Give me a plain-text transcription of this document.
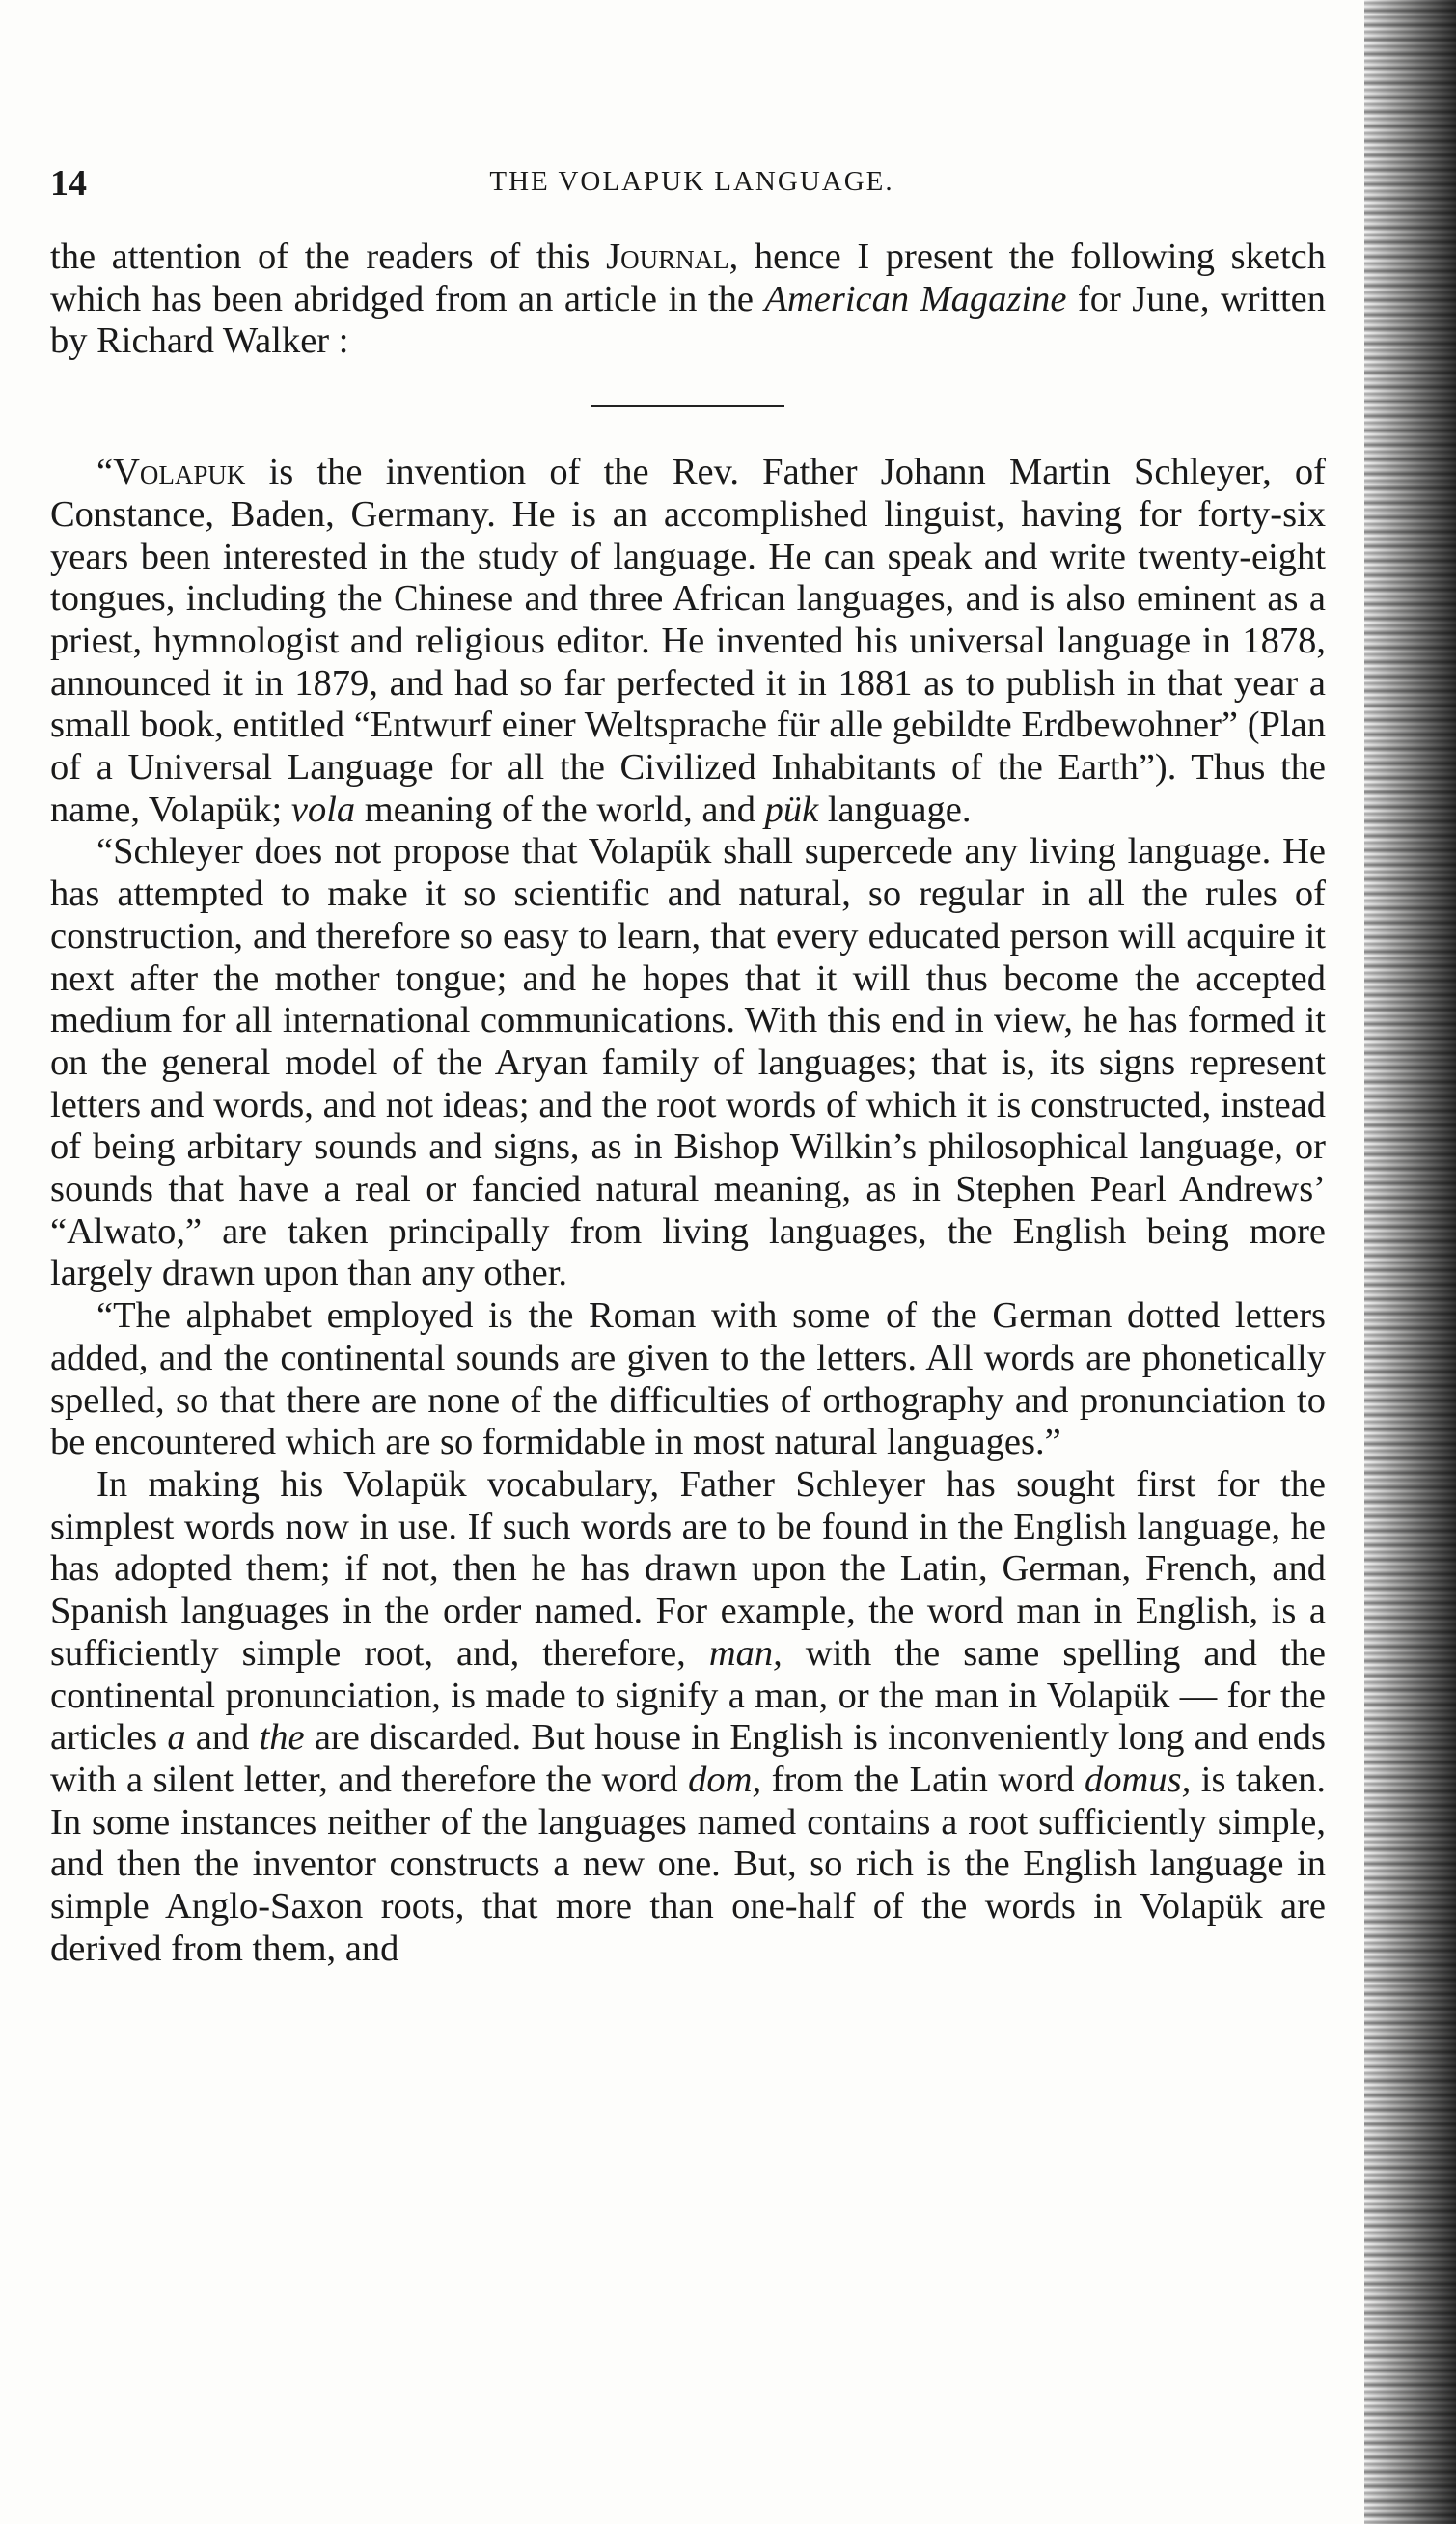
14	THE VOLAPUK LANGUAGE.

the attention of the readers of this Journal, hence I present the following sketch which has been abridged from an article in the American Magazine for June, written by Richard Walker :

“Volapuk is the invention of the Rev. Father Johann Martin Schleyer, of Constance, Baden, Germany. He is an accomplished linguist, having for forty-six years been interested in the study of language. He can speak and write twenty-eight tongues, including the Chinese and three African languages, and is also eminent as a priest, hymnologist and religious editor. He invented his universal language in 1878, announced it in 1879, and had so far perfected it in 1881 as to publish in that year a small book, entitled “Entwurf einer Weltsprache für alle gebildte Erdbewohner” (Plan of a Universal Language for all the Civilized Inhabitants of the Earth”). Thus the name, Volapük; vola meaning of the world, and pük language.

“Schleyer does not propose that Volapük shall supercede any living language. He has attempted to make it so scientific and natural, so regular in all the rules of construction, and therefore so easy to learn, that every educated person will acquire it next after the mother tongue; and he hopes that it will thus become the accepted medium for all international communications. With this end in view, he has formed it on the general model of the Aryan family of languages; that is, its signs represent letters and words, and not ideas; and the root words of which it is constructed, instead of being arbitary sounds and signs, as in Bishop Wilkin’s philosophical language, or sounds that have a real or fancied natural meaning, as in Stephen Pearl Andrews’ “Alwato,” are taken principally from living languages, the English being more largely drawn upon than any other.

“The alphabet employed is the Roman with some of the German dotted letters added, and the continental sounds are given to the letters. All words are phonetically spelled, so that there are none of the difficulties of orthography and pronunciation to be encountered which are so formidable in most natural languages.”

In making his Volapük vocabulary, Father Schleyer has sought first for the simplest words now in use. If such words are to be found in the English language, he has adopted them; if not, then he has drawn upon the Latin, German, French, and Spanish languages in the order named. For example, the word man in English, is a sufficiently simple root, and, therefore, man, with the same spelling and the continental pronunciation, is made to signify a man, or the man in Volapük — for the articles a and the are discarded. But house in English is inconveniently long and ends with a silent letter, and therefore the word dom, from the Latin word domus, is taken. In some instances neither of the languages named contains a root sufficiently simple, and then the inventor constructs a new one. But, so rich is the English language in simple Anglo-Saxon roots, that more than one-half of the words in Volapük are derived from them, and
